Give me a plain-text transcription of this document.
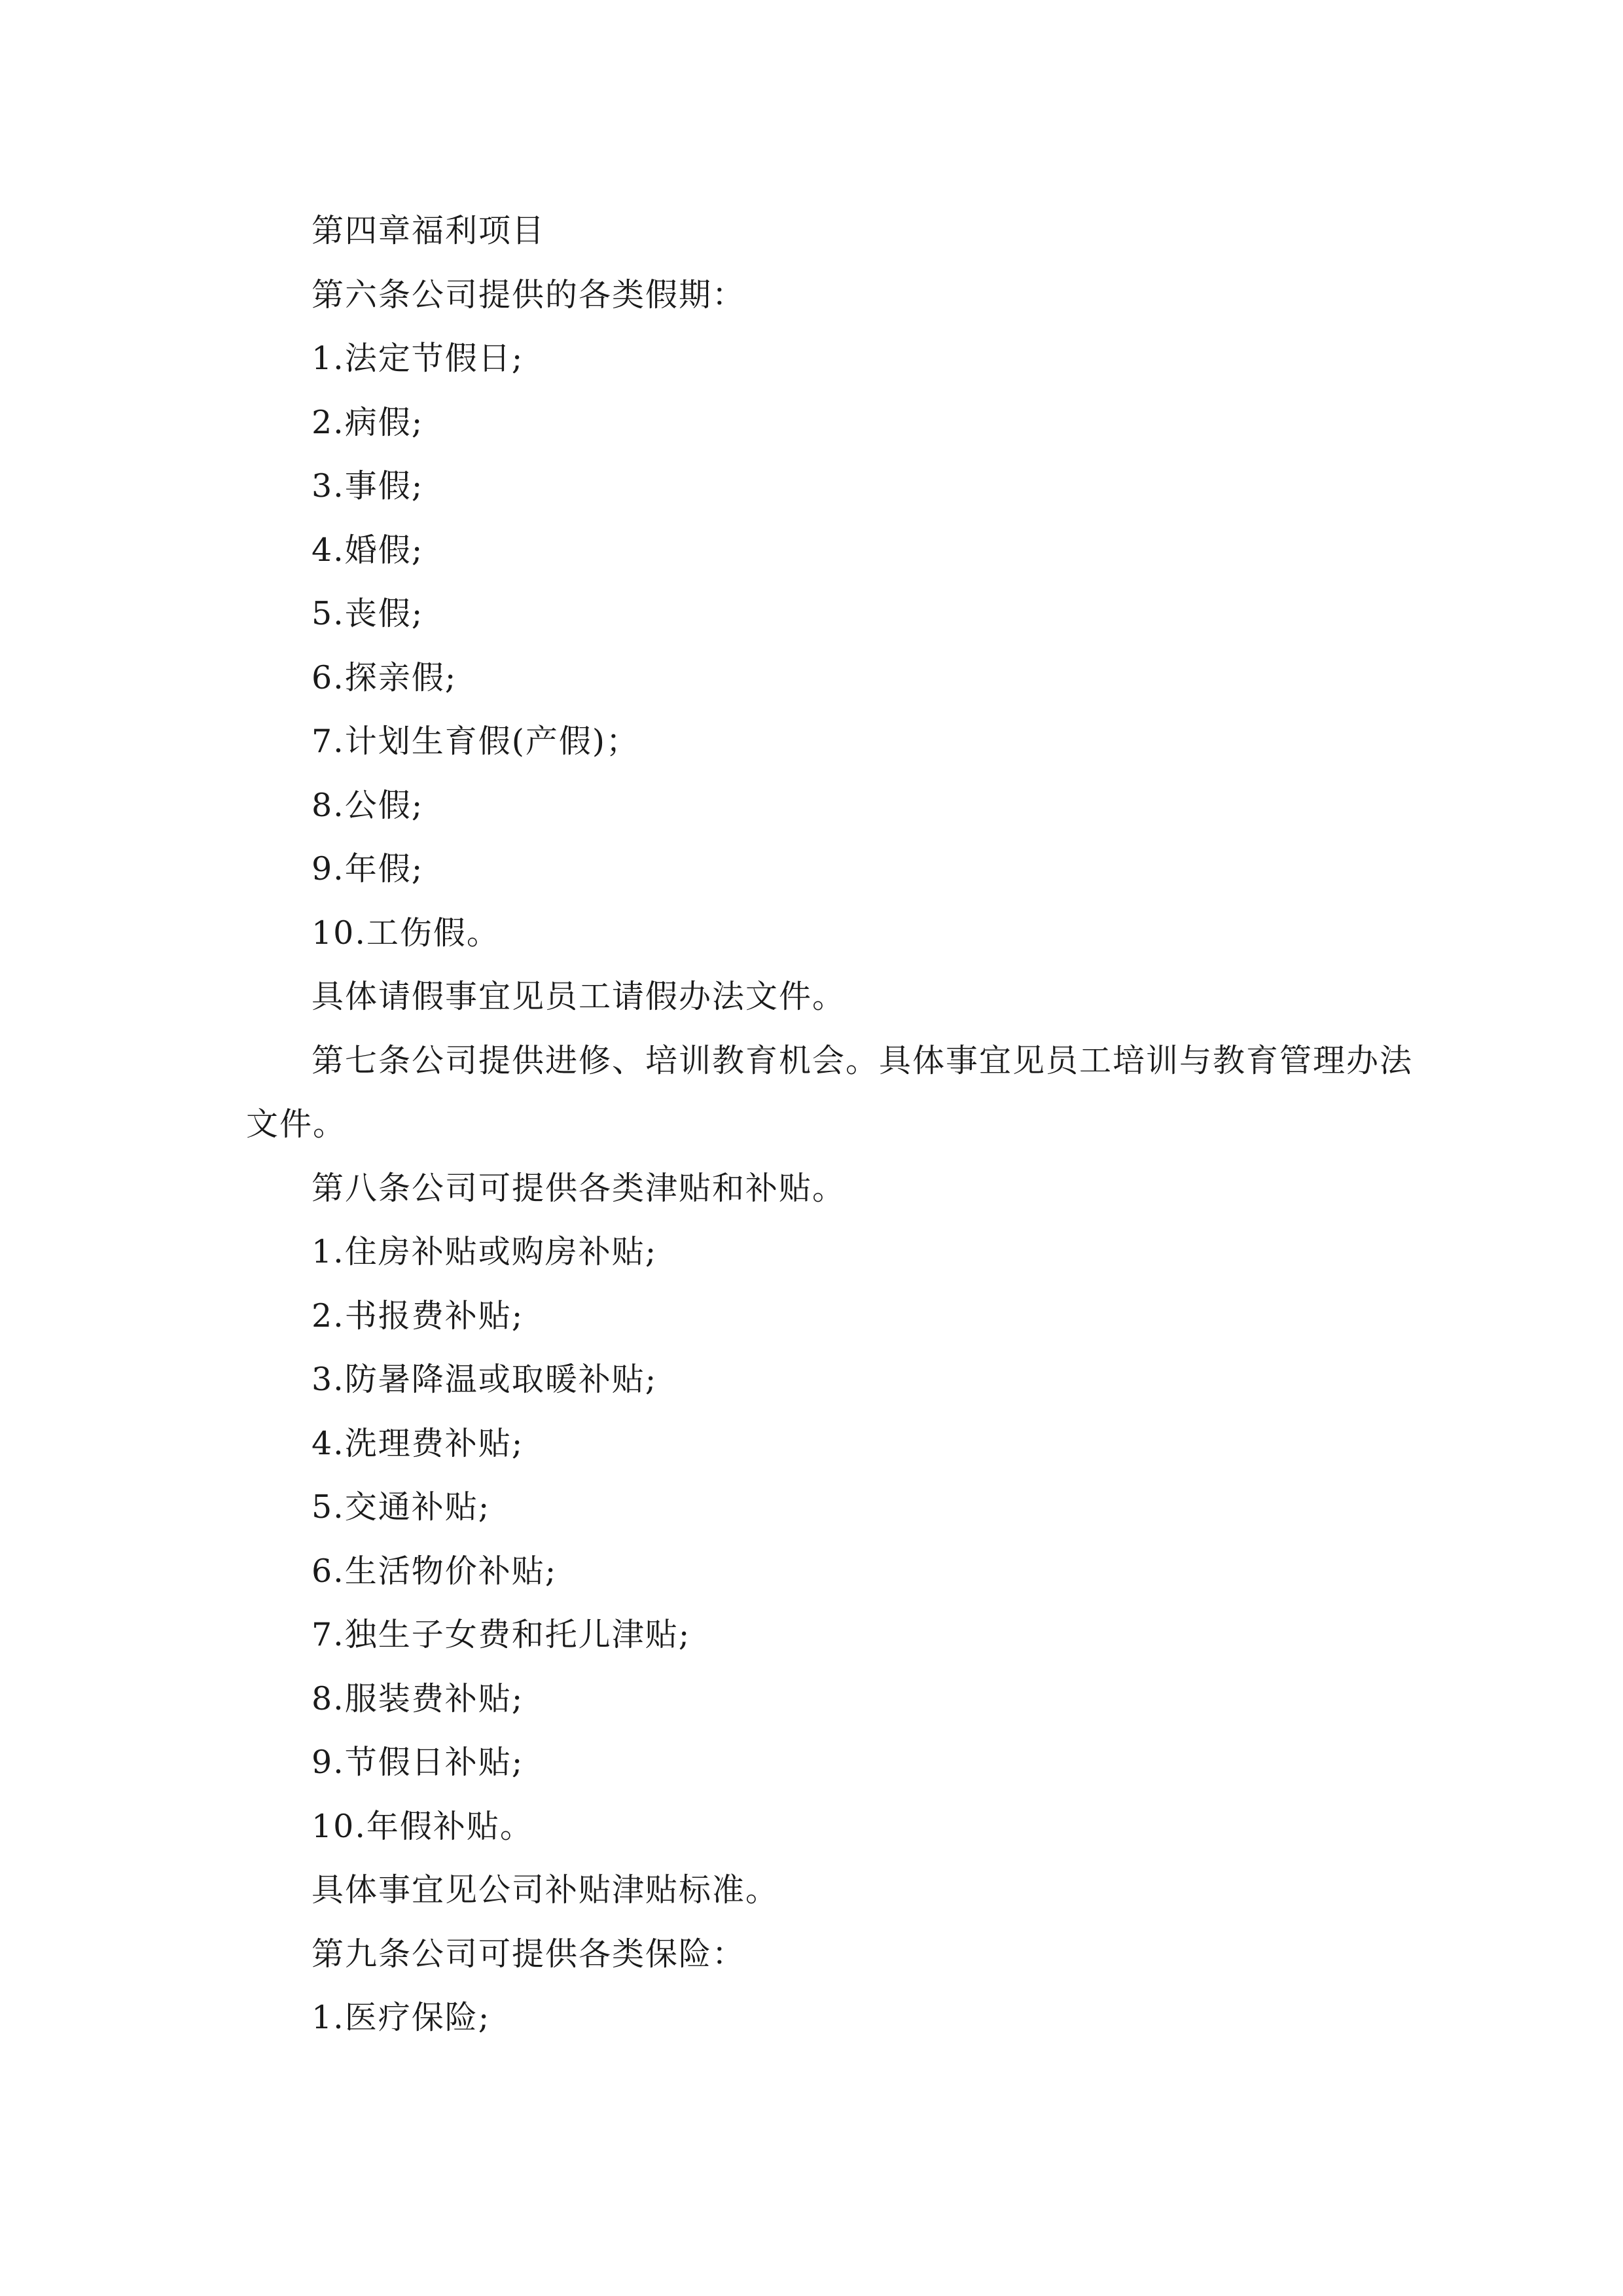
第四章福利项目
第六条公司提供的各类假期：
1.法定节假日;
2.病假;
3.事假;
4.婚假;
5.丧假;
6.探亲假;
7.计划生育假(产假)；
8.公假;
9.年假;
10.工伤假。
具体请假事宜见员工请假办法文件。
第七条公司提供进修、培训教育机会。具体事宜见员工培训与教育管理办法
文件。
第八条公司可提供各类津贴和补贴。
1.住房补贴或购房补贴;
2.书报费补贴;
3.防暑降温或取暖补贴;
4.洗理费补贴;
5.交通补贴;
6.生活物价补贴;
7.独生子女费和托儿津贴;
8.服装费补贴;
9.节假日补贴;
10.年假补贴。
具体事宜见公司补贴津贴标准。
第九条公司可提供各类保险：
1.医疗保险;
